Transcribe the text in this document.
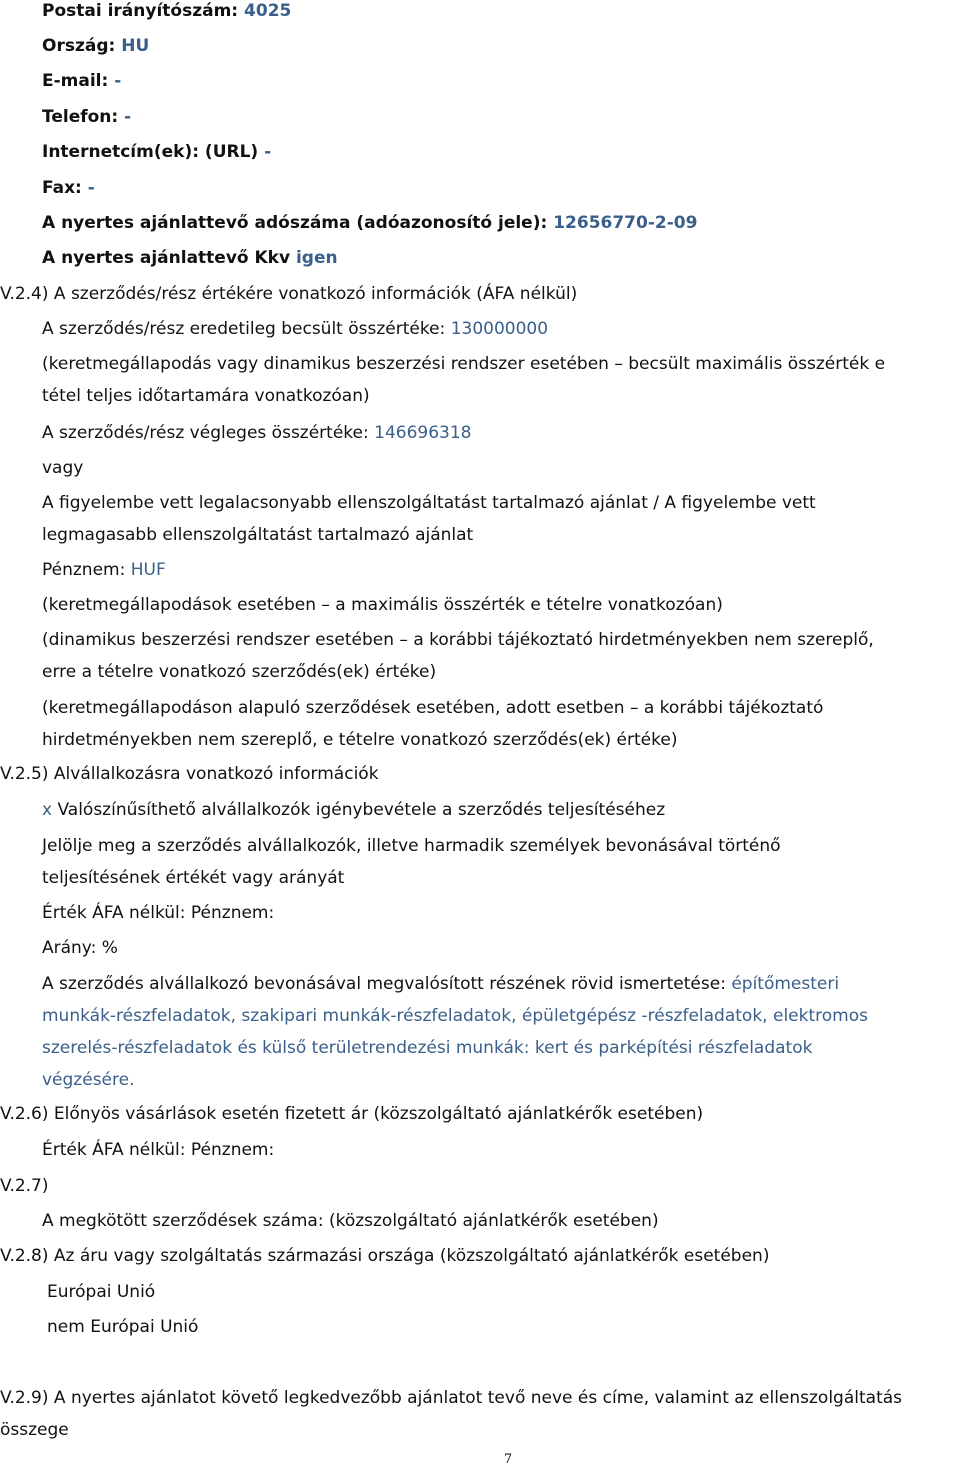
Postai irányítószám: 4025
Ország: HU
E-mail: -
Telefon: -
Internetcím(ek): (URL) -
Fax: -
A nyertes ajánlattevő adószáma (adóazonosító jele): 12656770-2-09
A nyertes ajánlattevő Kkv igen
V.2.4) A szerződés/rész értékére vonatkozó információk (ÁFA nélkül)
A szerződés/rész eredetileg becsült összértéke: 130000000
(keretmegállapodás vagy dinamikus beszerzési rendszer esetében – becsült maximális összérték e
tétel teljes időtartamára vonatkozóan)
A szerződés/rész végleges összértéke: 146696318
vagy
A figyelembe vett legalacsonyabb ellenszolgáltatást tartalmazó ajánlat / A figyelembe vett
legmagasabb ellenszolgáltatást tartalmazó ajánlat
Pénznem: HUF
(keretmegállapodások esetében – a maximális összérték e tételre vonatkozóan)
(dinamikus beszerzési rendszer esetében – a korábbi tájékoztató hirdetményekben nem szereplő,
erre a tételre vonatkozó szerződés(ek) értéke)
(keretmegállapodáson alapuló szerződések esetében, adott esetben – a korábbi tájékoztató
hirdetményekben nem szereplő, e tételre vonatkozó szerződés(ek) értéke)
V.2.5) Alvállalkozásra vonatkozó információk
x Valószínűsíthető alvállalkozók igénybevétele a szerződés teljesítéséhez
Jelölje meg a szerződés alvállalkozók, illetve harmadik személyek bevonásával történő
teljesítésének értékét vagy arányát
Érték ÁFA nélkül: Pénznem:
Arány: %
A szerződés alvállalkozó bevonásával megvalósított részének rövid ismertetése: építőmesteri
munkák-részfeladatok, szakipari munkák-részfeladatok, épületgépész -részfeladatok, elektromos
szerelés-részfeladatok és külső területrendezési munkák: kert és parképítési részfeladatok
végzésére.
V.2.6) Előnyös vásárlások esetén fizetett ár (közszolgáltató ajánlatkérők esetében)
Érték ÁFA nélkül: Pénznem:
V.2.7)
A megkötött szerződések száma: (közszolgáltató ajánlatkérők esetében)
V.2.8) Az áru vagy szolgáltatás származási országa (közszolgáltató ajánlatkérők esetében)
Európai Unió
nem Európai Unió
V.2.9) A nyertes ajánlatot követő legkedvezőbb ajánlatot tevő neve és címe, valamint az ellenszolgáltatás
összege
7
